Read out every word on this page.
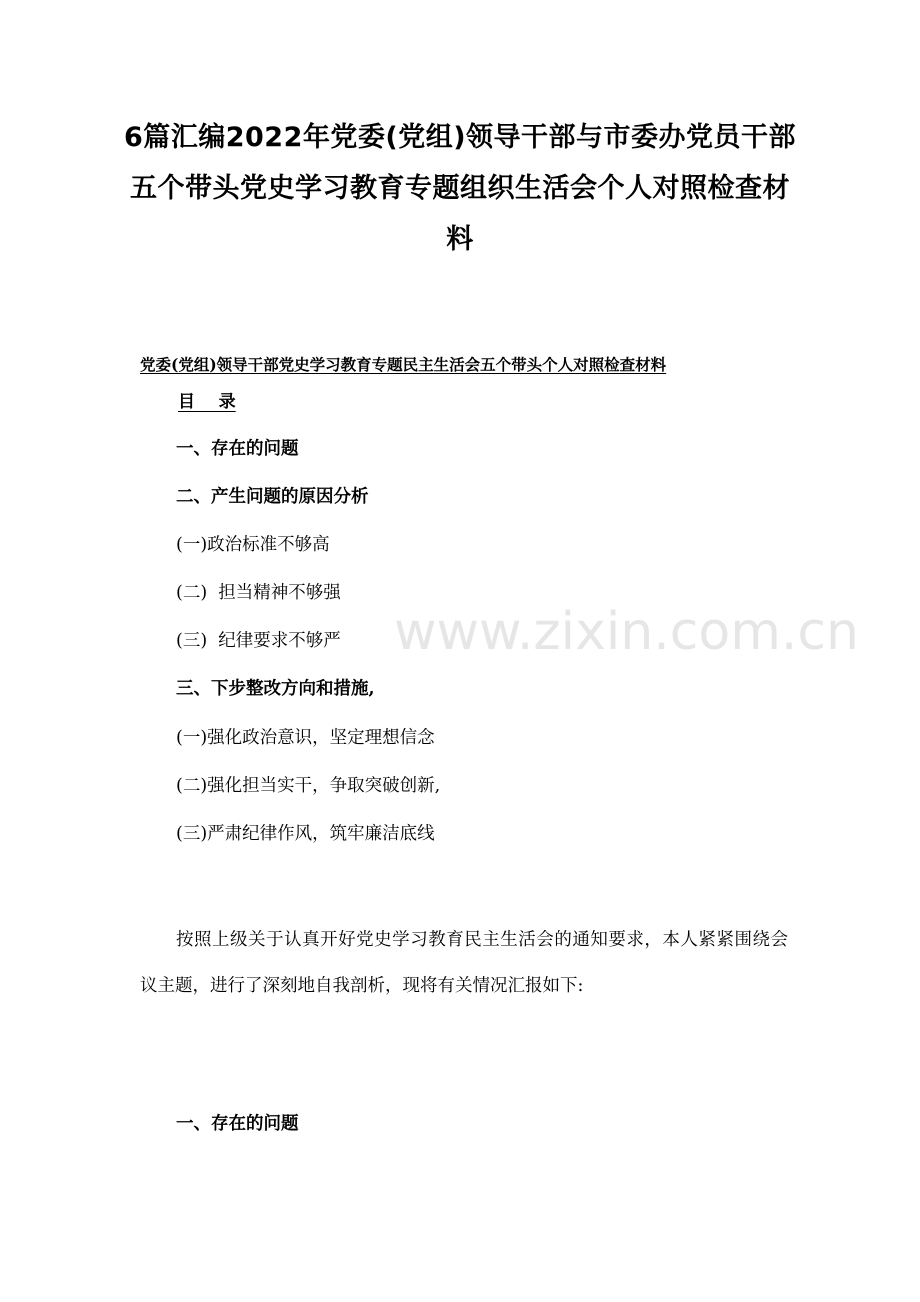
6篇汇编2022年党委(党组)领导干部与市委办党员干部五个带头党史学习教育专题组织生活会个人对照检查材料
党委(党组)领导干部党史学习教育专题民主生活会五个带头个人对照检查材料
目    录
一、存在的问题
二、产生问题的原因分析
(一)政治标准不够高
(二)  担当精神不够强
(三)  纪律要求不够严
三、下步整改方向和措施,
(一)强化政治意识，坚定理想信念
(二)强化担当实干，争取突破创新,
(三)严肃纪律作风，筑牢廉洁底线
www.zixin.com.cn
按照上级关于认真开好党史学习教育民主生活会的通知要求，本人紧紧围绕会议主题，进行了深刻地自我剖析，现将有关情况汇报如下:
一、存在的问题
